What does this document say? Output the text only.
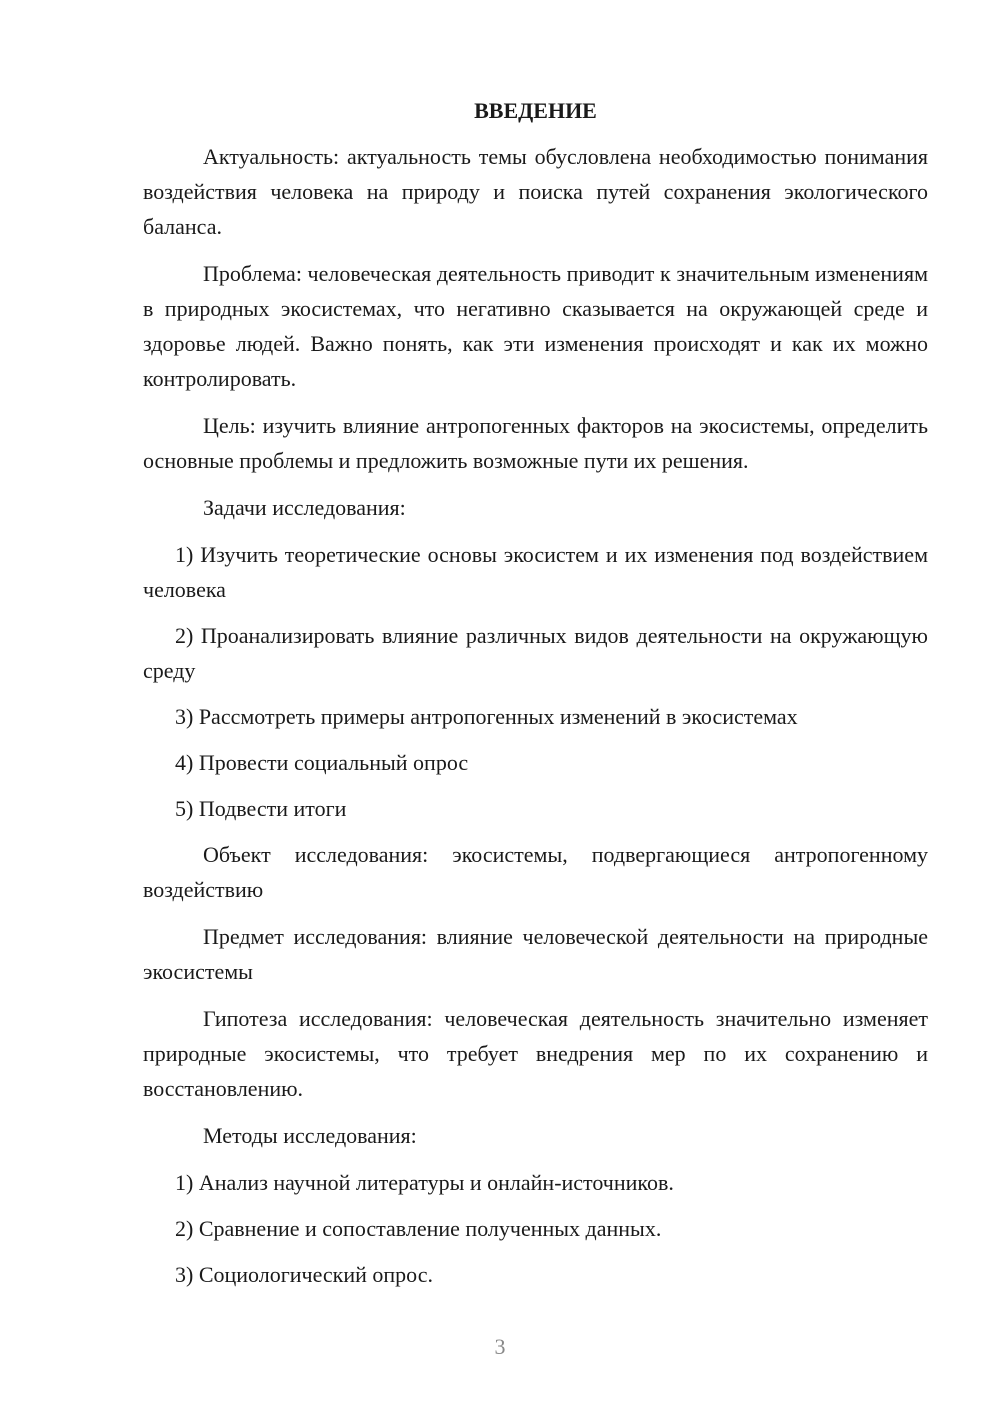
ВВЕДЕНИЕ

Актуальность: актуальность темы обусловлена необходимостью понимания воздействия человека на природу и поиска путей сохранения экологического баланса.

Проблема: человеческая деятельность приводит к значительным изменениям в природных экосистемах, что негативно сказывается на окружающей среде и здоровье людей. Важно понять, как эти изменения происходят и как их можно контролировать.

Цель: изучить влияние антропогенных факторов на экосистемы, определить основные проблемы и предложить возможные пути их решения.

Задачи исследования:

1) Изучить теоретические основы экосистем и их изменения под воздействием человека

2) Проанализировать влияние различных видов деятельности на окружающую среду

3) Рассмотреть примеры антропогенных изменений в экосистемах

4) Провести социальный опрос

5) Подвести итоги

Объект исследования: экосистемы, подвергающиеся антропогенному воздействию

Предмет исследования: влияние человеческой деятельности на природные экосистемы

Гипотеза исследования: человеческая деятельность значительно изменяет природные экосистемы, что требует внедрения мер по их сохранению и восстановлению.

Методы исследования:

1) Анализ научной литературы и онлайн-источников.

2) Сравнение и сопоставление полученных данных.

3) Социологический опрос.

3
